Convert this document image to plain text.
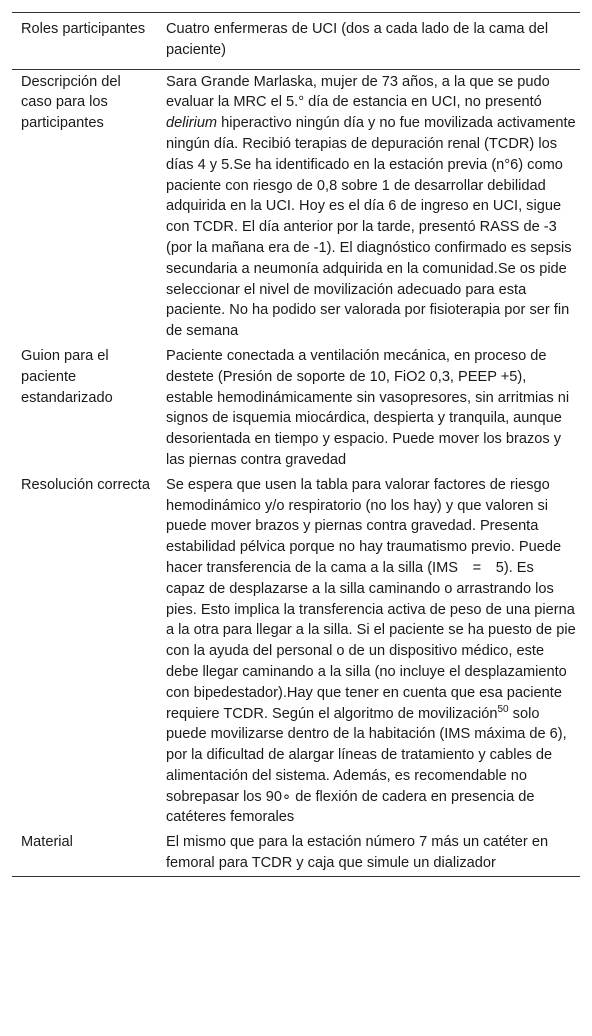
Roles participantes	Cuatro enfermeras de UCI (dos a cada lado de la cama del paciente)
Descripción del caso para los participantes	Sara Grande Marlaska, mujer de 73 años, a la que se pudo evaluar la MRC el 5.° día de estancia en UCI, no presentó delirium hiperactivo ningún día y no fue movilizada activamente ningún día. Recibió terapias de depuración renal (TCDR) los días 4 y 5.Se ha identificado en la estación previa (n°6) como paciente con riesgo de 0,8 sobre 1 de desarrollar debilidad adquirida en la UCI. Hoy es el día 6 de ingreso en UCI, sigue con TCDR. El día anterior por la tarde, presentó RASS de -3 (por la mañana era de -1). El diagnóstico confirmado es sepsis secundaria a neumonía adquirida en la comunidad.Se os pide seleccionar el nivel de movilización adecuado para esta paciente. No ha podido ser valorada por fisioterapia por ser fin de semana
Guion para el paciente estandarizado	Paciente conectada a ventilación mecánica, en proceso de destete (Presión de soporte de 10, FiO2 0,3, PEEP +5), estable hemodinámicamente sin vasopresores, sin arritmias ni signos de isquemia miocárdica, despierta y tranquila, aunque desorientada en tiempo y espacio. Puede mover los brazos y las piernas contra gravedad
Resolución correcta	Se espera que usen la tabla para valorar factores de riesgo hemodinámico y/o respiratorio (no los hay) y que valoren si puede mover brazos y piernas contra gravedad. Presenta estabilidad pélvica porque no hay traumatismo previo. Puede hacer transferencia de la cama a la silla (IMS = 5). Es capaz de desplazarse a la silla caminando o arrastrando los pies. Esto implica la transferencia activa de peso de una pierna a la otra para llegar a la silla. Si el paciente se ha puesto de pie con la ayuda del personal o de un dispositivo médico, este debe llegar caminando a la silla (no incluye el desplazamiento con bipedestador).Hay que tener en cuenta que esa paciente requiere TCDR. Según el algoritmo de movilización$^{50}$ solo puede movilizarse dentro de la habitación (IMS máxima de 6), por la dificultad de alargar líneas de tratamiento y cables de alimentación del sistema. Además, es recomendable no sobrepasar los 90∘ de flexión de cadera en presencia de catéteres femorales
Material	El mismo que para la estación número 7 más un catéter en femoral para TCDR y caja que simule un dializador
